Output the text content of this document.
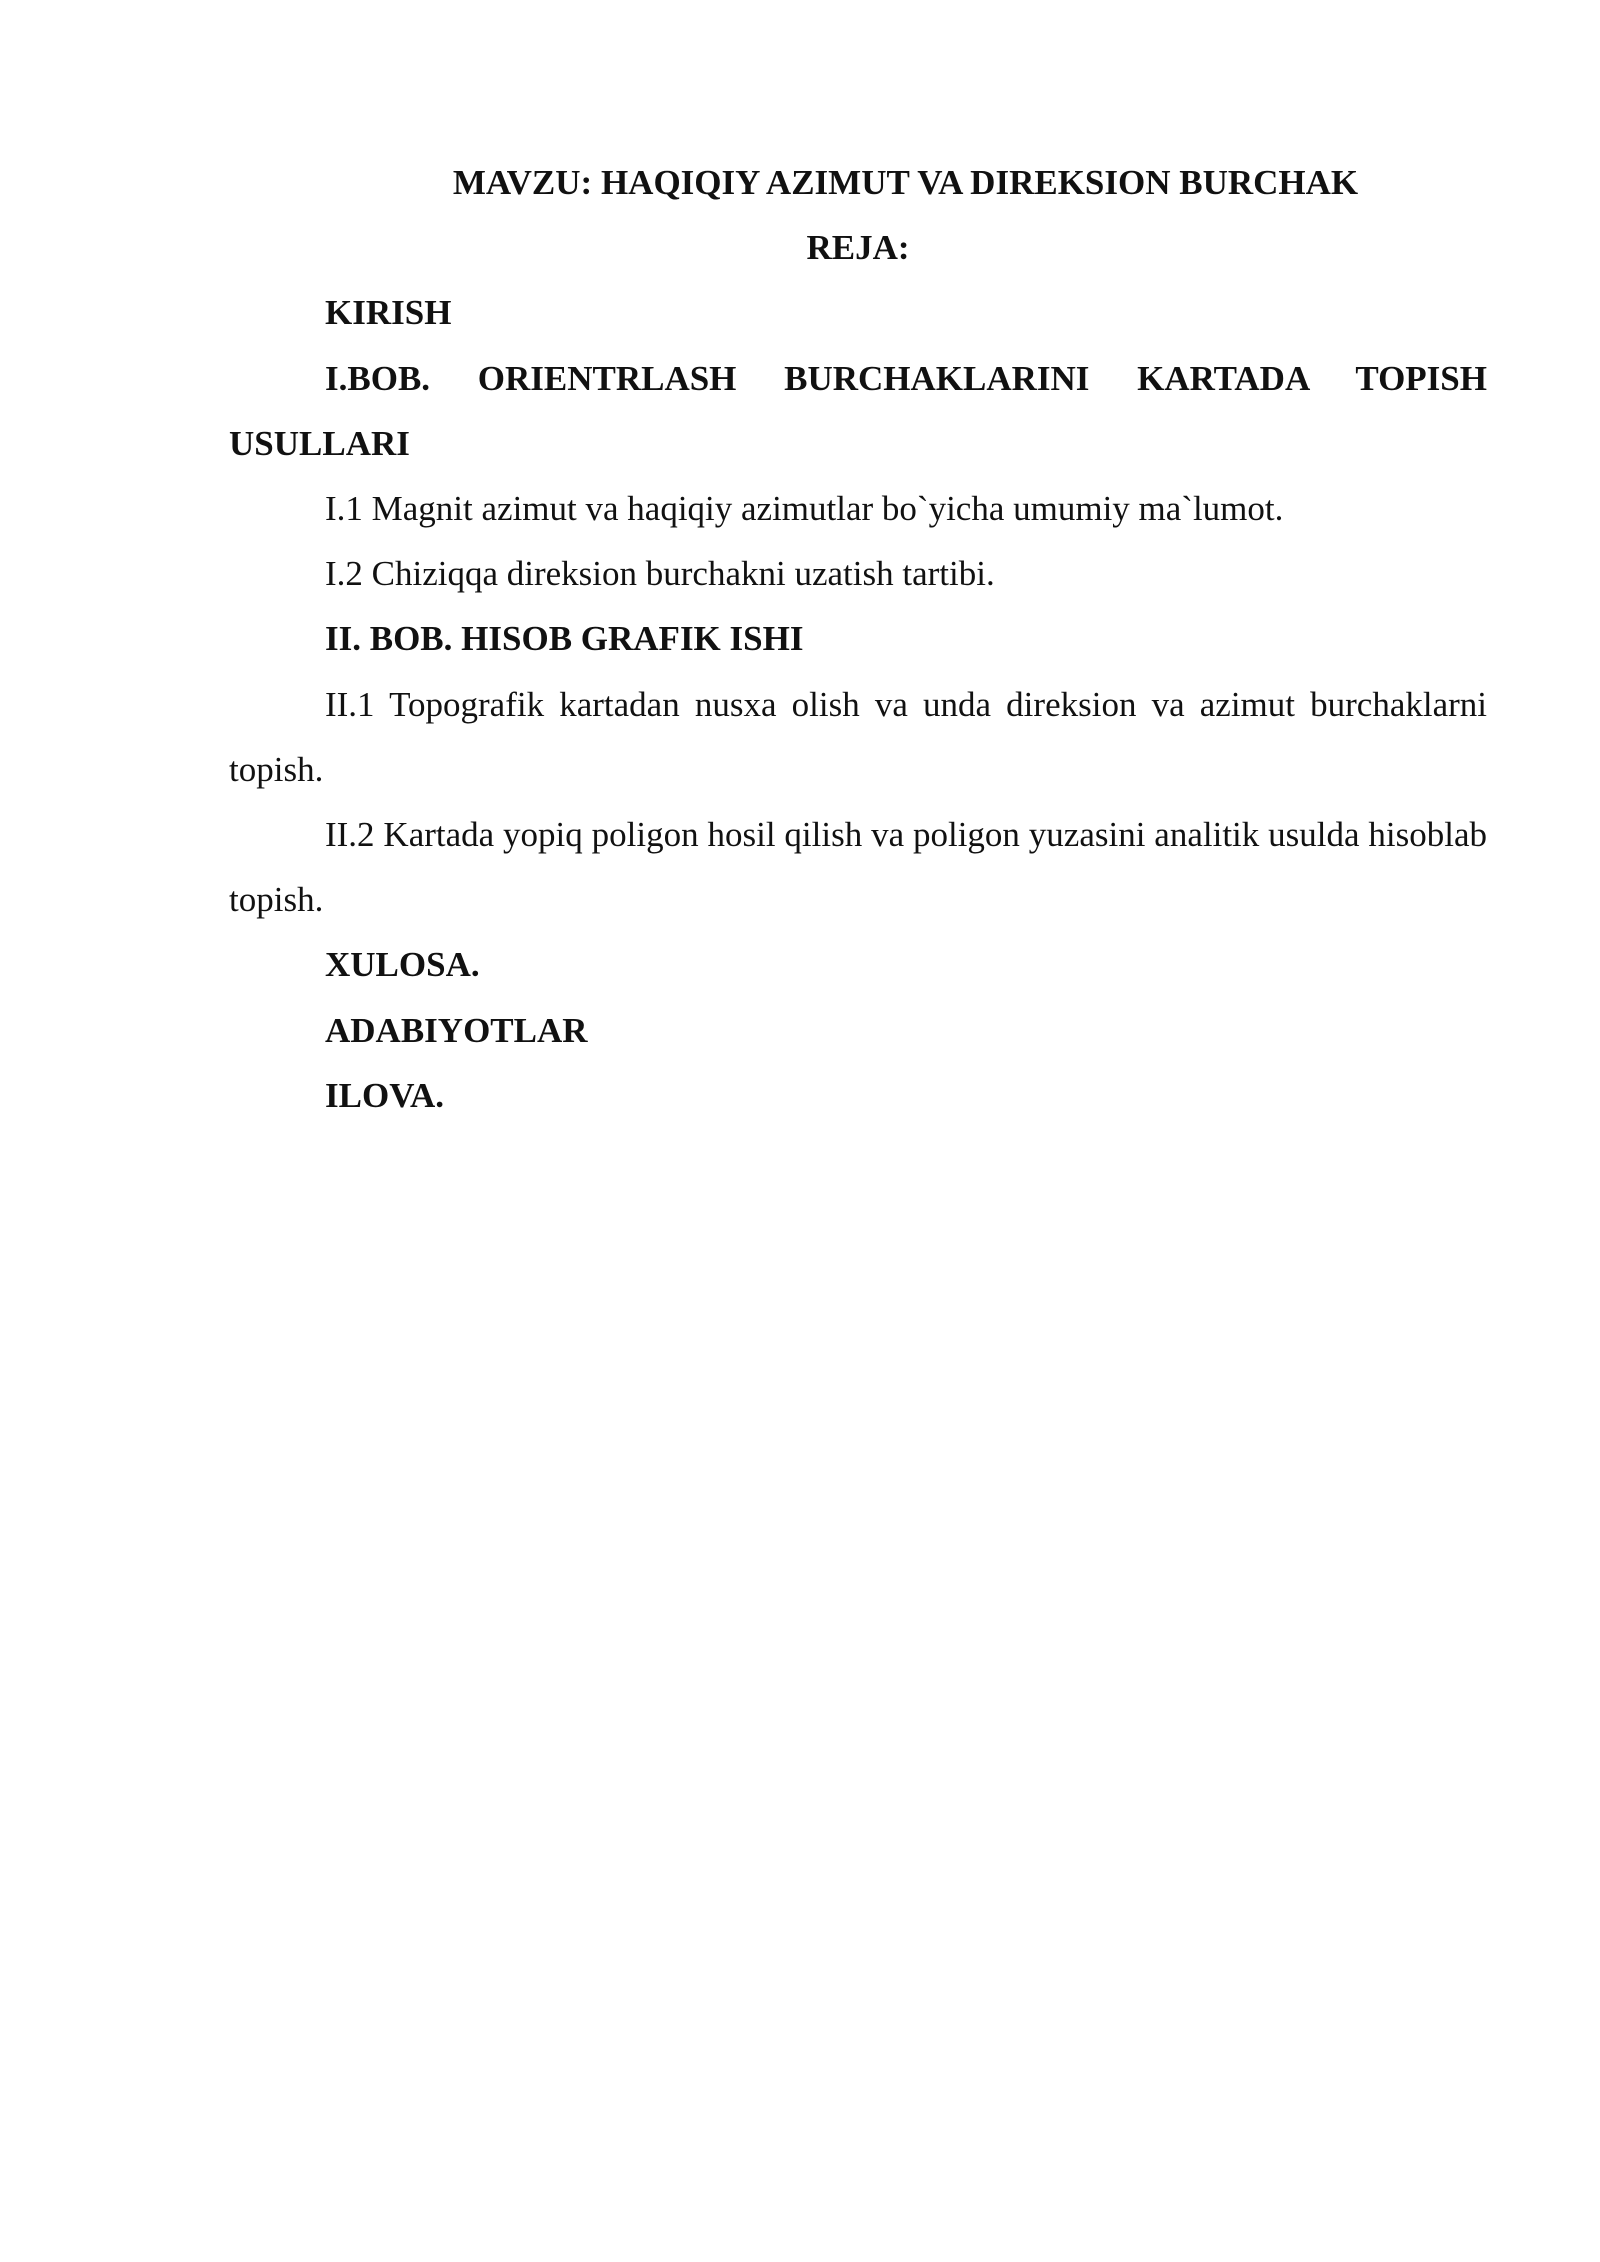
MAVZU: HAQIQIY AZIMUT VA DIREKSION BURCHAK

REJA:

KIRISH

I.BOB. ORIENTRLASH BURCHAKLARINI KARTADA TOPISH USULLARI

I.1 Magnit azimut va haqiqiy azimutlar bo`yicha umumiy ma`lumot.

I.2 Chiziqqa direksion burchakni uzatish tartibi.

II. BOB. HISOB GRAFIK ISHI

II.1 Topografik kartadan nusxa olish va unda direksion va azimut burchaklarni topish.

II.2 Kartada yopiq poligon hosil qilish va poligon yuzasini analitik usulda hisoblab topish.

XULOSA.

ADABIYOTLAR

ILOVA.
